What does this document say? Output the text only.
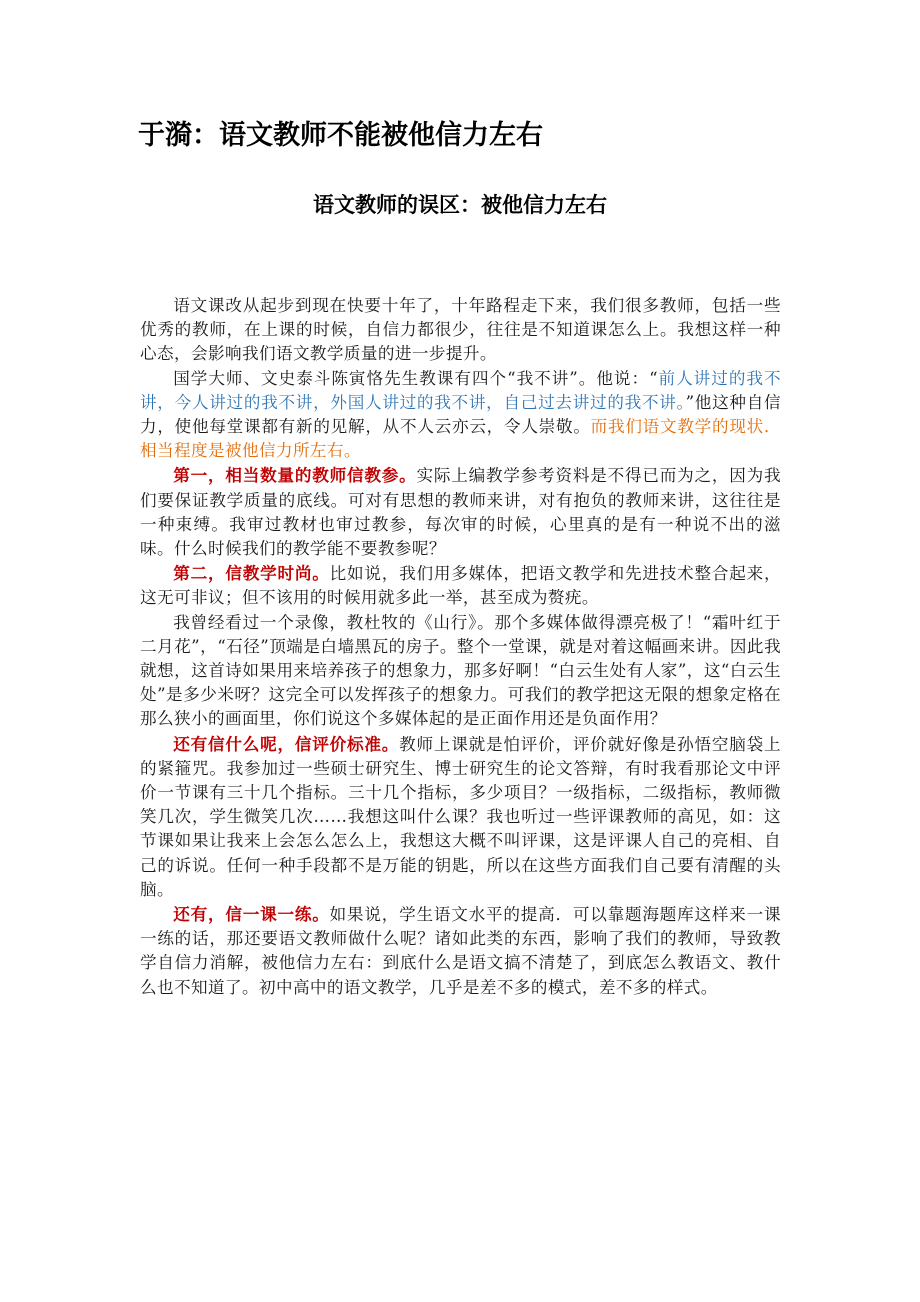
于漪：语文教师不能被他信力左右
语文教师的误区：被他信力左右

语文课改从起步到现在快要十年了，十年路程走下来，我们很多教师，包括一些优秀的教师，在上课的时候，自信力都很少，往往是不知道课怎么上。我想这样一种心态，会影响我们语文教学质量的进一步提升。

国学大师、文史泰斗陈寅恪先生教课有四个“我不讲”。他说：“前人讲过的我不讲，今人讲过的我不讲，外国人讲过的我不讲，自己过去讲过的我不讲。”他这种自信力，使他每堂课都有新的见解，从不人云亦云，令人崇敬。而我们语文教学的现状．相当程度是被他信力所左右。

第一，相当数量的教师信教参。实际上编教学参考资料是不得已而为之，因为我们要保证教学质量的底线。可对有思想的教师来讲，对有抱负的教师来讲，这往往是一种束缚。我审过教材也审过教参，每次审的时候，心里真的是有一种说不出的滋味。什么时候我们的教学能不要教参呢？

第二，信教学时尚。比如说，我们用多媒体，把语文教学和先进技术整合起来，这无可非议；但不该用的时候用就多此一举，甚至成为赘疣。

我曾经看过一个录像，教杜牧的《山行》。那个多媒体做得漂亮极了！“霜叶红于二月花”，“石径”顶端是白墙黑瓦的房子。整个一堂课，就是对着这幅画来讲。因此我就想，这首诗如果用来培养孩子的想象力，那多好啊！“白云生处有人家”，这“白云生处”是多少米呀？这完全可以发挥孩子的想象力。可我们的教学把这无限的想象定格在那么狭小的画面里，你们说这个多媒体起的是正面作用还是负面作用？

还有信什么呢，信评价标准。教师上课就是怕评价，评价就好像是孙悟空脑袋上的紧箍咒。我参加过一些硕士研究生、博士研究生的论文答辩，有时我看那论文中评价一节课有三十几个指标。三十几个指标，多少项目？一级指标，二级指标，教师微笑几次，学生微笑几次……我想这叫什么课？我也听过一些评课教师的高见，如：这节课如果让我来上会怎么怎么上，我想这大概不叫评课，这是评课人自己的亮相、自己的诉说。任何一种手段都不是万能的钥匙，所以在这些方面我们自己要有清醒的头脑。

还有，信一课一练。如果说，学生语文水平的提高．可以靠题海题库这样来一课一练的话，那还要语文教师做什么呢？诸如此类的东西，影响了我们的教师，导致教学自信力消解，被他信力左右：到底什么是语文搞不清楚了，到底怎么教语文、教什么也不知道了。初中高中的语文教学，几乎是差不多的模式，差不多的样式。
